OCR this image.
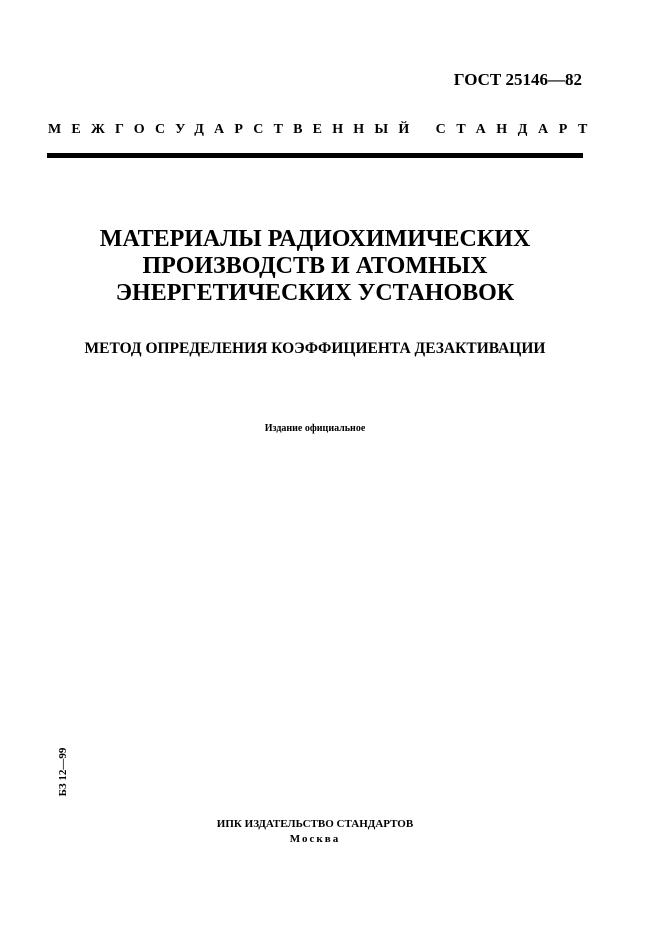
ГОСТ 25146—82
МЕЖГОСУДАРСТВЕННЫЙ СТАНДАРТ
МАТЕРИАЛЫ РАДИОХИМИЧЕСКИХ
ПРОИЗВОДСТВ И АТОМНЫХ
ЭНЕРГЕТИЧЕСКИХ УСТАНОВОК
МЕТОД ОПРЕДЕЛЕНИЯ КОЭФФИЦИЕНТА ДЕЗАКТИВАЦИИ
Издание официальное
БЗ 12—99
ИПК ИЗДАТЕЛЬСТВО СТАНДАРТОВ
Москва
